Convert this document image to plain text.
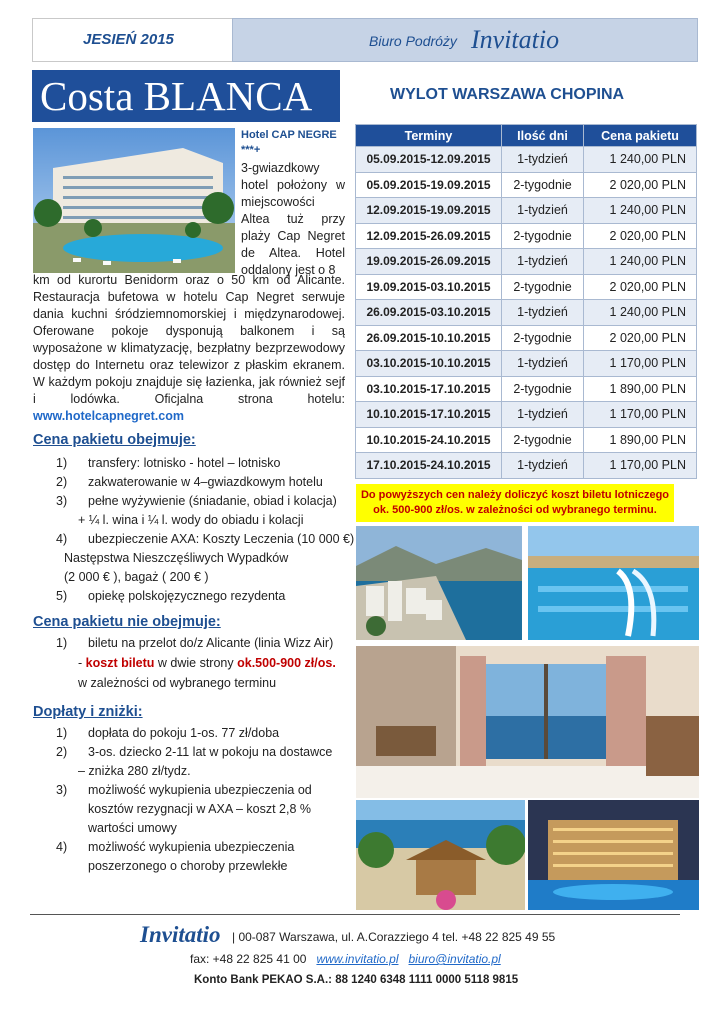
JESIEŃ 2015	Biuro Podróży Invitatio
Costa BLANCA	WYLOT WARSZAWA CHOPINA
Hotel CAP NEGRE
***+
3-gwiazdkowy hotel położony w miejscowości Altea tuż przy plaży Cap Negret de Altea. Hotel oddalony jest o 8
km od kurortu Benidorm oraz o 50 km od Alicante. Restauracja bufetowa w hotelu Cap Negret serwuje dania kuchni śródziemnomorskiej i międzynarodowej. Oferowane pokoje dysponują balkonem i są wyposażone w klimatyzację, bezpłatny bezprzewodowy dostęp do Internetu oraz telewizor z płaskim ekranem. W każdym pokoju znajduje się łazienka, jak również sejf i lodówka. Oficjalna strona hotelu: www.hotelcapnegret.com
Cena pakietu obejmuje:
1) transfery: lotnisko - hotel – lotnisko
2) zakwaterowanie w 4–gwiazdkowym hotelu
3) pełne wyżywienie (śniadanie, obiad i kolacja)
+ ¼ l. wina i ¼ l. wody do obiadu i kolacji
4) ubezpieczenie AXA: Koszty Leczenia (10 000 €)
Następstwa Nieszczęśliwych Wypadków
(2 000 € ), bagaż ( 200 € )
5) opiekę polskojęzycznego rezydenta
Cena pakietu nie obejmuje:
1) biletu na przelot do/z Alicante (linia Wizz Air)
- koszt biletu w dwie strony ok.500-900 zł/os.
w zależności od wybranego terminu
Dopłaty i zniżki:
1) dopłata do pokoju 1-os. 77 zł/doba
2) 3-os. dziecko 2-11 lat w pokoju na dostawce
– zniżka 280 zł/tydz.
3) możliwość wykupienia ubezpieczenia od
kosztów rezygnacji w AXA – koszt 2,8 %
wartości umowy
4) możliwość wykupienia ubezpieczenia
poszerzonego o choroby przewlekłe
Terminy	Ilość dni	Cena pakietu
05.09.2015-12.09.2015	1-tydzień	1 240,00 PLN
05.09.2015-19.09.2015	2-tygodnie	2 020,00 PLN
12.09.2015-19.09.2015	1-tydzień	1 240,00 PLN
12.09.2015-26.09.2015	2-tygodnie	2 020,00 PLN
19.09.2015-26.09.2015	1-tydzień	1 240,00 PLN
19.09.2015-03.10.2015	2-tygodnie	2 020,00 PLN
26.09.2015-03.10.2015	1-tydzień	1 240,00 PLN
26.09.2015-10.10.2015	2-tygodnie	2 020,00 PLN
03.10.2015-10.10.2015	1-tydzień	1 170,00 PLN
03.10.2015-17.10.2015	2-tygodnie	1 890,00 PLN
10.10.2015-17.10.2015	1-tydzień	1 170,00 PLN
10.10.2015-24.10.2015	2-tygodnie	1 890,00 PLN
17.10.2015-24.10.2015	1-tydzień	1 170,00 PLN
Do powyższych cen należy doliczyć koszt biletu lotniczego
ok. 500-900 zł/os. w zależności od wybranego terminu.
Invitatio | 00-087 Warszawa, ul. A.Corazziego 4 tel. +48 22 825 49 55
fax: +48 22 825 41 00 www.invitatio.pl biuro@invitatio.pl
Konto Bank PEKAO S.A.: 88 1240 6348 1111 0000 5118 9815
